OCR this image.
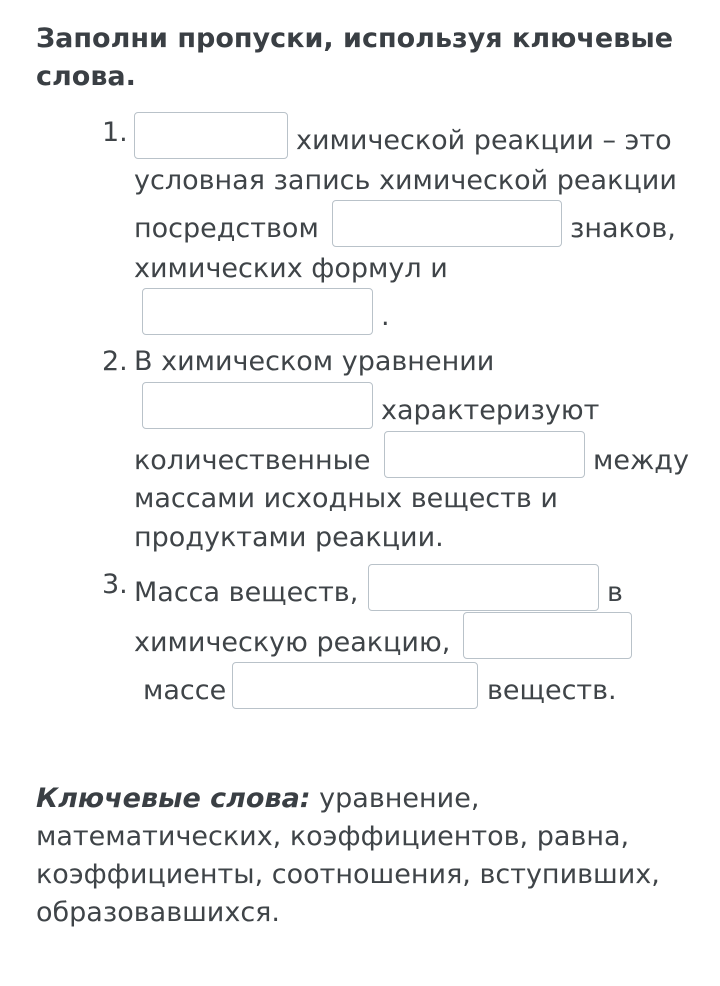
Заполни пропуски, используя ключевые слова.
1.	химической реакции – это
условная запись химической реакции
посредством	знаков,
химических формул и
.
2. В химическом уравнении
характеризуют
количественные	между
массами исходных веществ и
продуктами реакции.
3. Масса веществ,	в
химическую реакцию,
массе	веществ.

Ключевые слова: уравнение, математических, коэффициентов, равна, коэффициенты, соотношения, вступивших, образовавшихся.
